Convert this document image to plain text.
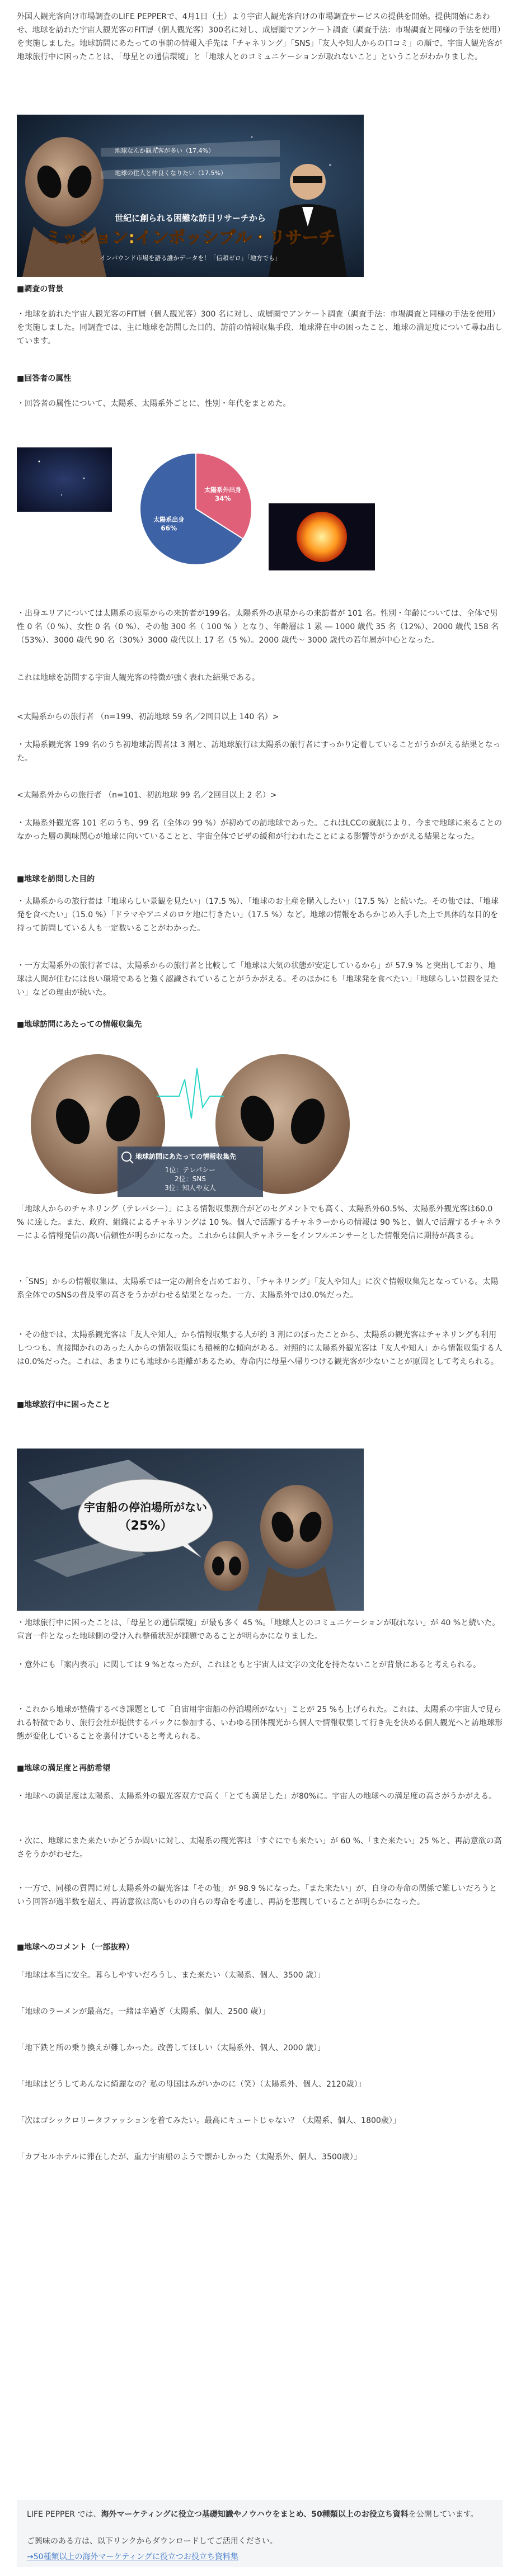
外国人観光客向け市場調査のLIFE PEPPERで、4月1日（土）より宇宙人観光客向けの市場調査サービスの提供を開始。提供開始にあわせ、地球を訪れた宇宙人観光客のFIT層（個人観光客）300名に対し、成層圏でアンケート調査（調査手法：市場調査と同様の手法を使用）を実施しました。地球訪問にあたっての事前の情報入手先は「チャネリング」「SNS」「友人や知人からの口コミ」の順で、宇宙人観光客が地球旅行中に困ったことは、「母星との通信環境」と「地球人とのコミュニケーションが取れないこと」ということがわかりました。
地球なんか観光客が多い（17.4%）
地球の住人と仲良くなりたい（17.5%）
世紀に創られる困難な訪日リサーチから
ミッション:インポッシブル・リサーチ
インバウンド市場を語る誰かデータを！「信頼ゼロ」「地方でも」
■調査の背景
・地球を訪れた宇宙人観光客のFIT層（個人観光客）300 名に対し、成層圏でアンケート調査（調査手法：市場調査と同様の手法を使用）を実施しました。同調査では、主に地球を訪問した目的、訪前の情報収集手段、地球滞在中の困ったこと、地球の満足度について尋ね出しています。
■回答者の属性
・回答者の属性について、太陽系、太陽系外ごとに、性別・年代をまとめた。
太陽系外出身
34%
太陽系出身
66%
・出身エリアについては太陽系の恵星からの来訪者が199名。太陽系外の恵星からの来訪者が 101 名。性別・年齢については、全体で男性 0 名（0 %）、女性 0 名（0 %）、その他 300 名（ 100 % ）となり、年齢層は 1 累 ― 1000 歳代 35 名（12%）、2000 歳代 158 名（53%）、3000 歳代 90 名（30%）3000 歳代以上 17 名（5 %）。2000 歳代～ 3000 歳代の若年層が中心となった。
これは地球を訪問する宇宙人観光客の特徴が強く表れた結果である。
<太陽系からの旅行者 （n=199、初訪地球 59 名／2回目以上 140 名）>
・太陽系観光客 199 名のうち初地球訪問者は 3 割と、訪地球旅行は太陽系の旅行者にすっかり定着していることがうかがえる結果となった。
<太陽系外からの旅行者 （n=101、初訪地球 99 名／2回目以上 2 名）>
・太陽系外観光客 101 名のうち、99 名（全体の 99 %）が初めての訪地球であった。これはLCCの就航により、今まで地球に来ることのなかった層の興味関心が地球に向いていることと、宇宙全体でビザの緩和が行われたことによる影響等がうかがえる結果となった。
■地球を訪問した目的
・太陽系からの旅行者は「地球らしい景観を見たい」（17.5 %）、「地球のお土産を購入したい」（17.5 %）と続いた。その他では、「地球発を食べたい」（15.0 %）「ドラマやアニメのロケ地に行きたい」（17.5 %）など。地球の情報をあらかじめ入手した上で具体的な目的を持って訪問している人も一定数いることがわかった。
・一方太陽系外の旅行者では、太陽系からの旅行者と比較して「地球は大気の状態が安定しているから」が 57.9 % と突出しており、地球は人間が住むには良い環境であると強く認識されていることがうかがえる。そのほかにも「地球発を食べたい」「地球らしい景観を見たい」などの理由が続いた。
■地球訪問にあたっての情報収集先
地球訪問にあたっての情報収集先
1位：テレパシー
2位：SNS
3位：知人や友人
「地球人からのチャネリング（テレパシー）」による情報収集割合がどのセグメントでも高く、太陽系外60.5%、太陽系外観光客は60.0 % に達した。また、政府、組織によるチャネリングは 10 %。個人で活躍するチャネラーからの情報は 90 %と、個人で活躍するチャネラーによる情報発信の高い信頼性が明らかになった。これからは個人チャネラーをインフルエンサーとした情報発信に期待が高まる。
・「SNS」からの情報収集は、太陽系では一定の割合を占めており、「チャネリング」「友人や知人」に次ぐ情報収集先となっている。太陽系全体でのSNSの普及率の高さをうかがわせる結果となった。一方、太陽系外では0.0%だった。
・その他では、太陽系観光客は「友人や知人」から情報収集する人が約 3 割にのぼったことから、太陽系の観光客はチャネリングも利用しつつも、直接聞かれのあった人からの情報収集にも積極的な傾向がある。対照的に太陽系外観光客は「友人や知人」から情報収集する人は0.0%だった。これは、あまりにも地球から距離があるため、寿命内に母星へ帰りつける観光客が少ないことが原因として考えられる。
■地球旅行中に困ったこと
宇宙船の停泊場所がない
（25%）
・地球旅行中に困ったことは、「母星との通信環境」が最も多く 45 %。「地球人とのコミュニケーションが取れない」が 40 %と続いた。宣言一件となった地球側の受け入れ整備状況が課題であることが明らかになりました。
・意外にも「案内表示」に関しては 9 %となったが、これはともと宇宙人は文字の文化を持たないことが背景にあると考えられる。
・これから地球が整備するべき課題として「自宙用宇宙船の停泊場所がない」ことが 25 %も上げられた。これは、太陽系の宇宙人で見られる特徴であり、旅行会社が提供するパックに参加する、いわゆる団体観光から個人で情報収集して行き先を決める個人観光へと訪地球形態が変化していることを裏付けていると考えられる。
■地球の満足度と再訪希望
・地球への満足度は太陽系、太陽系外の観光客双方で高く「とても満足した」が80%に。宇宙人の地球への満足度の高さがうかがえる。
・次に、地球にまた来たいかどうか問いに対し、太陽系の観光客は「すぐにでも来たい」が 60 %、「また来たい」25 %と、再訪意欲の高さをうかがわせた。
・一方で、同様の質問に対し太陽系外の観光客は「その他」が 98.9 %になった。「また来たい」が、自身の寿命の関係で難しいだろうという回答が過半数を超え、再訪意欲は高いものの自らの寿命を考慮し、再訪を悲観していることが明らかになった。
■地球へのコメント（一部抜粋）
「地球は本当に安全。暮らしやすいだろうし、また来たい（太陽系、個人、3500 歳）」
「地球のラーメンが最高だ。一緒は辛過ぎ（太陽系、個人、2500 歳）」
「地下鉄と所の乗り換えが難しかった。改善してほしい（太陽系外、個人、2000 歳）」
「地球はどうしてあんなに綺麗なの？私の母国はみがいかのに（笑）（太陽系外、個人、2120歳）」
「次はゴシックロリータファッションを着てみたい。最高にキュートじゃない？（太陽系、個人、1800歳）」
「カプセルホテルに滞在したが、重力宇宙船のようで懐かしかった（太陽系外、個人、3500歳）」

LIFE PEPPER では、海外マーケティングに役立つ基礎知識やノウハウをまとめ、50種類以上のお役立ち資料を公開しています。

ご興味のある方は、以下リンクからダウンロードしてご活用ください。

→50種類以上の海外マーケティングに役立つお役立ち資料集
